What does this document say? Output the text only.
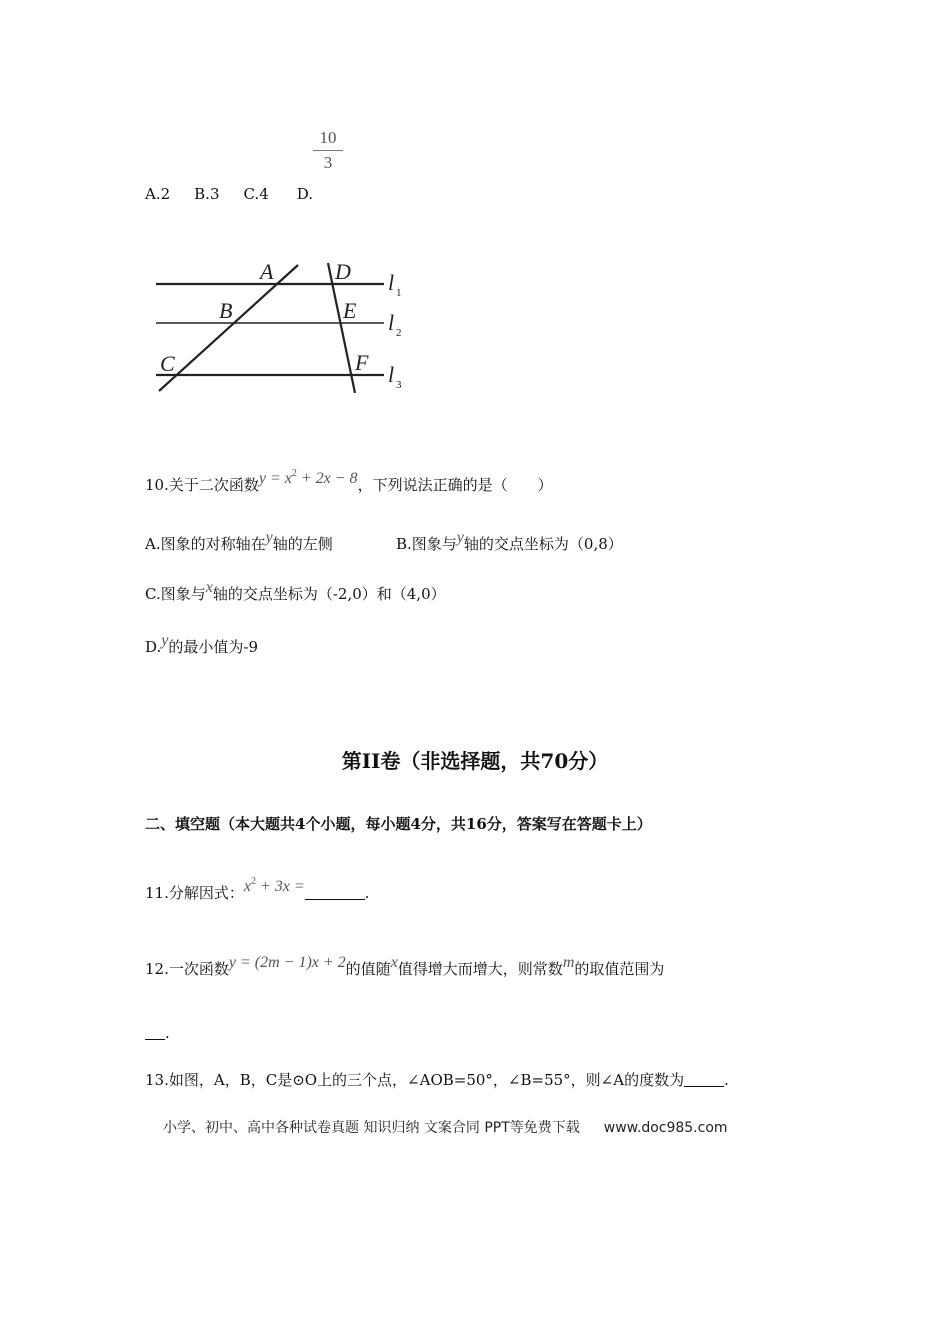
10
3
A.2 B.3 C.4 D.
A
B
C
D
E
F
l
l
l
1
2
3
10.关于二次函数$y = x^2 + 2x - 8$，下列说法正确的是（　　）
A.图象的对称轴在y轴的左侧	B.图象与y轴的交点坐标为（0,8）
C.图象与x轴的交点坐标为（-2,0）和（4,0）
D.y的最小值为-9
第II卷（非选择题，共70分）
二、填空题（本大题共4个小题，每小题4分，共16分，答案写在答题卡上）
11.分解因式：$x^2 + 3x$ =	.
12.一次函数y = (2m − 1)x + 2的值随x值得增大而增大，则常数m的取值范围为
.
13.如图，A，B，C是⊙O上的三个点，∠AOB=50°，∠B=55°，则∠A的度数为	.
小学、初中、高中各种试卷真题 知识归纳 文案合同 PPT等免费下载 www.doc985.com
